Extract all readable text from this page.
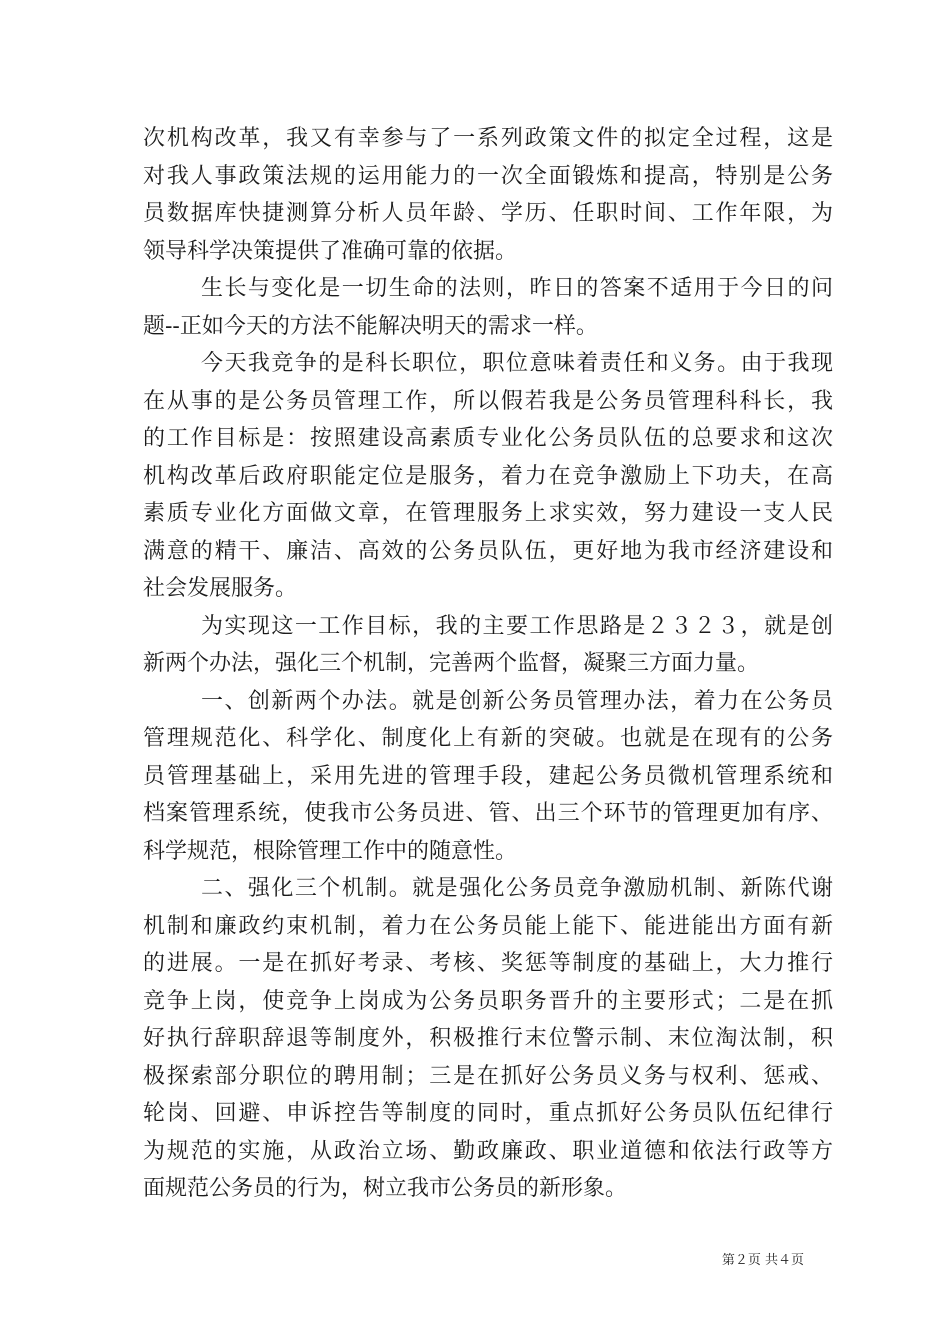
次机构改革，我又有幸参与了一系列政策文件的拟定全过程，这是
对我人事政策法规的运用能力的一次全面锻炼和提高，特别是公务
员数据库快捷测算分析人员年龄、学历、任职时间、工作年限，为
领导科学决策提供了准确可靠的依据。
生长与变化是一切生命的法则，昨日的答案不适用于今日的问
题--正如今天的方法不能解决明天的需求一样。
今天我竞争的是科长职位，职位意味着责任和义务。由于我现
在从事的是公务员管理工作，所以假若我是公务员管理科科长，我
的工作目标是：按照建设高素质专业化公务员队伍的总要求和这次
机构改革后政府职能定位是服务，着力在竞争激励上下功夫，在高
素质专业化方面做文章，在管理服务上求实效，努力建设一支人民
满意的精干、廉洁、高效的公务员队伍，更好地为我市经济建设和
社会发展服务。
为实现这一工作目标，我的主要工作思路是２３２３，就是创
新两个办法，强化三个机制，完善两个监督，凝聚三方面力量。
一、创新两个办法。就是创新公务员管理办法，着力在公务员
管理规范化、科学化、制度化上有新的突破。也就是在现有的公务
员管理基础上，采用先进的管理手段，建起公务员微机管理系统和
档案管理系统，使我市公务员进、管、出三个环节的管理更加有序、
科学规范，根除管理工作中的随意性。
二、强化三个机制。就是强化公务员竞争激励机制、新陈代谢
机制和廉政约束机制，着力在公务员能上能下、能进能出方面有新
的进展。一是在抓好考录、考核、奖惩等制度的基础上，大力推行
竞争上岗，使竞争上岗成为公务员职务晋升的主要形式；二是在抓
好执行辞职辞退等制度外，积极推行末位警示制、末位淘汰制，积
极探索部分职位的聘用制；三是在抓好公务员义务与权利、惩戒、
轮岗、回避、申诉控告等制度的同时，重点抓好公务员队伍纪律行
为规范的实施，从政治立场、勤政廉政、职业道德和依法行政等方
面规范公务员的行为，树立我市公务员的新形象。
第２页 共４页
